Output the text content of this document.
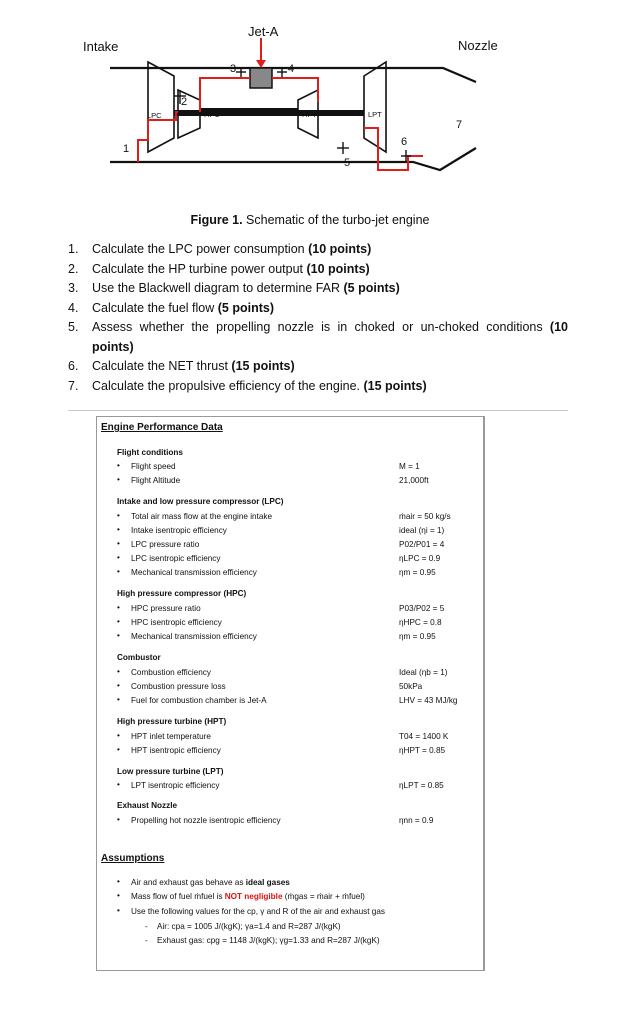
Intake
Jet-A
Nozzle
LPC	HPC	HPT	LPT
1
2
3	4
5
6
7
Figure 1. Schematic of the turbo-jet engine
1.	Calculate the LPC power consumption (10 points)
2.	Calculate the HP turbine power output (10 points)
3.	Use the Blackwell diagram to determine FAR (5 points)
4.	Calculate the fuel flow (5 points)
5.	Assess whether the propelling nozzle is in choked or un-choked conditions (10 points)
6.	Calculate the NET thrust (15 points)
7.	Calculate the propulsive efficiency of the engine. (15 points)
Engine Performance Data
Flight conditions
• Flight speed	M = 1
• Flight Altitude	21,000ft
Intake and low pressure compressor (LPC)
• Total air mass flow at the engine intake	ṁair = 50 kg/s
• Intake isentropic efficiency	ideal (ηi = 1)
• LPC pressure ratio	P02/P01 = 4
• LPC isentropic efficiency	ηLPC = 0.9
• Mechanical transmission efficiency	ηm = 0.95
High pressure compressor (HPC)
• HPC pressure ratio	P03/P02 = 5
• HPC isentropic efficiency	ηHPC = 0.8
• Mechanical transmission efficiency	ηm = 0.95
Combustor
• Combustion efficiency	Ideal (ηb = 1)
• Combustion pressure loss	50kPa
• Fuel for combustion chamber is Jet-A	LHV = 43 MJ/kg
High pressure turbine (HPT)
• HPT inlet temperature	T04 = 1400 K
• HPT isentropic efficiency	ηHPT = 0.85
Low pressure turbine (LPT)
• LPT isentropic efficiency	ηLPT = 0.85
Exhaust Nozzle
• Propelling hot nozzle isentropic efficiency	ηnn = 0.9
Assumptions
• Air and exhaust gas behave as ideal gases
• Mass flow of fuel ṁfuel is NOT negligible (ṁgas = ṁair + ṁfuel)
• Use the following values for the cp, γ and R of the air and exhaust gas
- Air: cpa = 1005 J/(kgK); γa=1.4 and R=287 J/(kgK)
- Exhaust gas: cpg = 1148 J/(kgK); γg=1.33 and R=287 J/(kgK)
